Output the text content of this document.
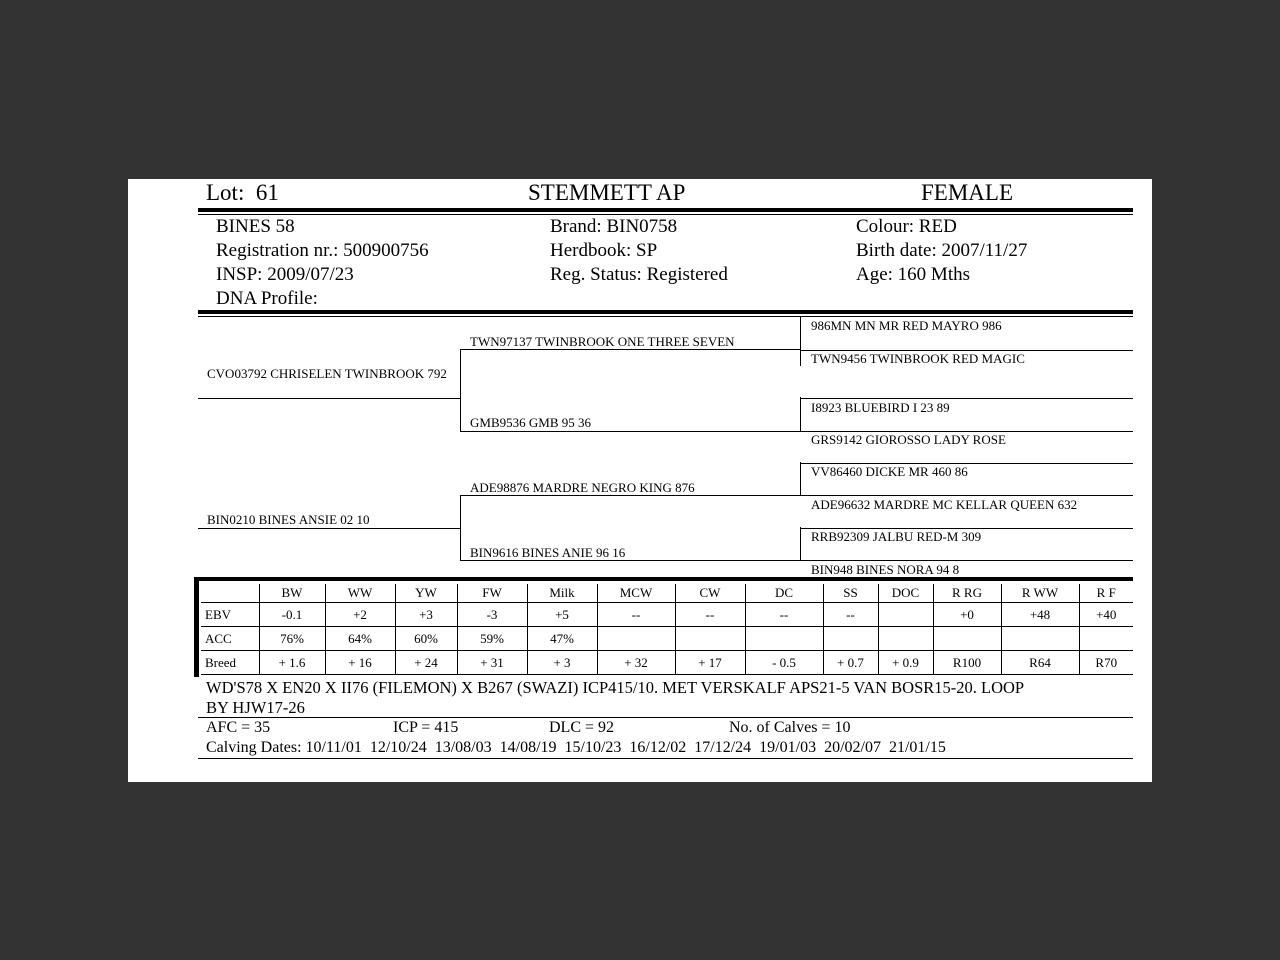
Lot: 61	STEMMETT AP	FEMALE
BINES 58
Registration nr.: 500900756
INSP: 2009/07/23
DNA Profile:
Brand: BIN0758
Herdbook: SP
Reg. Status: Registered
Colour: RED
Birth date: 2007/11/27
Age: 160 Mths
CVO03792 CHRISELEN TWINBROOK 792
BIN0210 BINES ANSIE 02 10
TWN97137 TWINBROOK ONE THREE SEVEN
GMB9536 GMB 95 36
ADE98876 MARDRE NEGRO KING 876
BIN9616 BINES ANIE 96 16
986MN MN MR RED MAYRO 986
TWN9456 TWINBROOK RED MAGIC
I8923 BLUEBIRD I 23 89
GRS9142 GIOROSSO LADY ROSE
VV86460 DICKE MR 460 86
ADE96632 MARDRE MC KELLAR QUEEN 632
RRB92309 JALBU RED-M 309
BIN948 BINES NORA 94 8
	BW	WW	YW	FW	Milk	MCW	CW	DC	SS	DOC	R RG	R WW	R F
EBV	-0.1	+2	+3	-3	+5	--	--	--	--		+0	+48	+40
ACC	76%	64%	60%	59%	47%								
Breed	+ 1.6	+ 16	+ 24	+ 31	+ 3	+ 32	+ 17	- 0.5	+ 0.7	+ 0.9	R100	R64	R70
WD'S78 X EN20 X II76 (FILEMON) X B267 (SWAZI) ICP415/10. MET VERSKALF APS21-5 VAN BOSR15-20. LOOP
BY HJW17-26
AFC = 35	ICP = 415	DLC = 92	No. of Calves = 10
Calving Dates: 10/11/01  12/10/24  13/08/03  14/08/19  15/10/23  16/12/02  17/12/24  19/01/03  20/02/07  21/01/15
